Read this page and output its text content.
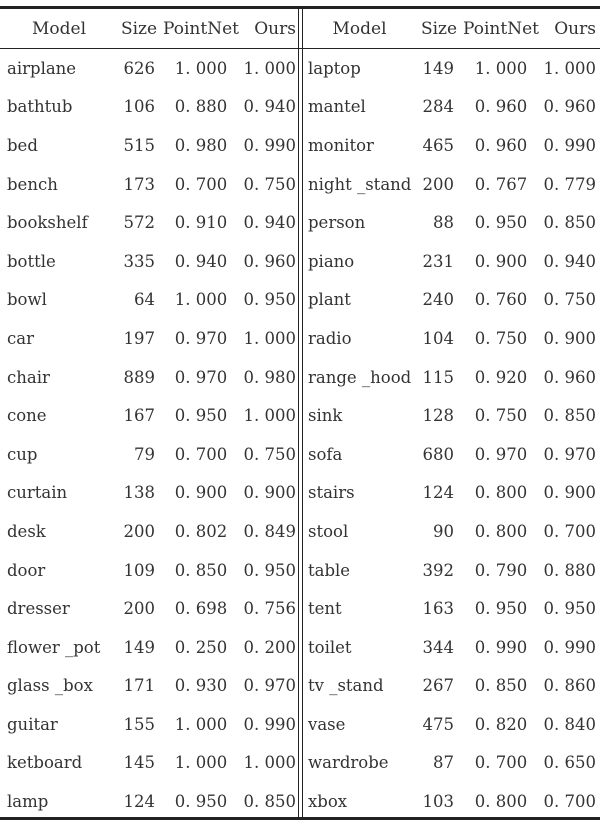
Model	Size PointNet Ours	Model	Size PointNet Ours
airplane	626	1. 000 1. 000 laptop	149	1. 000 1. 000
bathtub	106	0. 880 0. 940 mantel	284	0. 960 0. 960
bed	515	0. 980 0. 990 monitor	465	0. 960 0. 990
bench	173	0. 700 0. 750 night _stand 200	0. 767 0. 779
bookshelf	572	0. 910 0. 940 person	88	0. 950 0. 850
bottle	335	0. 940 0. 960 piano	231	0. 900 0. 940
bowl	64	1. 000 0. 950 plant	240	0. 760 0. 750
car	197	0. 970 1. 000 radio	104	0. 750 0. 900
chair	889	0. 970 0. 980 range _hood 115	0. 920 0. 960
cone	167	0. 950 1. 000 sink	128	0. 750 0. 850
cup	79	0. 700 0. 750 sofa	680	0. 970 0. 970
curtain	138	0. 900 0. 900 stairs	124	0. 800 0. 900
desk	200	0. 802 0. 849 stool	90	0. 800 0. 700
door	109	0. 850 0. 950 table	392	0. 790 0. 880
dresser	200	0. 698 0. 756 tent	163	0. 950 0. 950
flower _pot	149	0. 250 0. 200 toilet	344	0. 990 0. 990
glass _box	171	0. 930 0. 970 tv _stand	267	0. 850 0. 860
guitar	155	1. 000 0. 990 vase	475	0. 820 0. 840
ketboard	145	1. 000 1. 000 wardrobe	87	0. 700 0. 650
lamp	124	0. 950 0. 850 xbox	103	0. 800 0. 700
